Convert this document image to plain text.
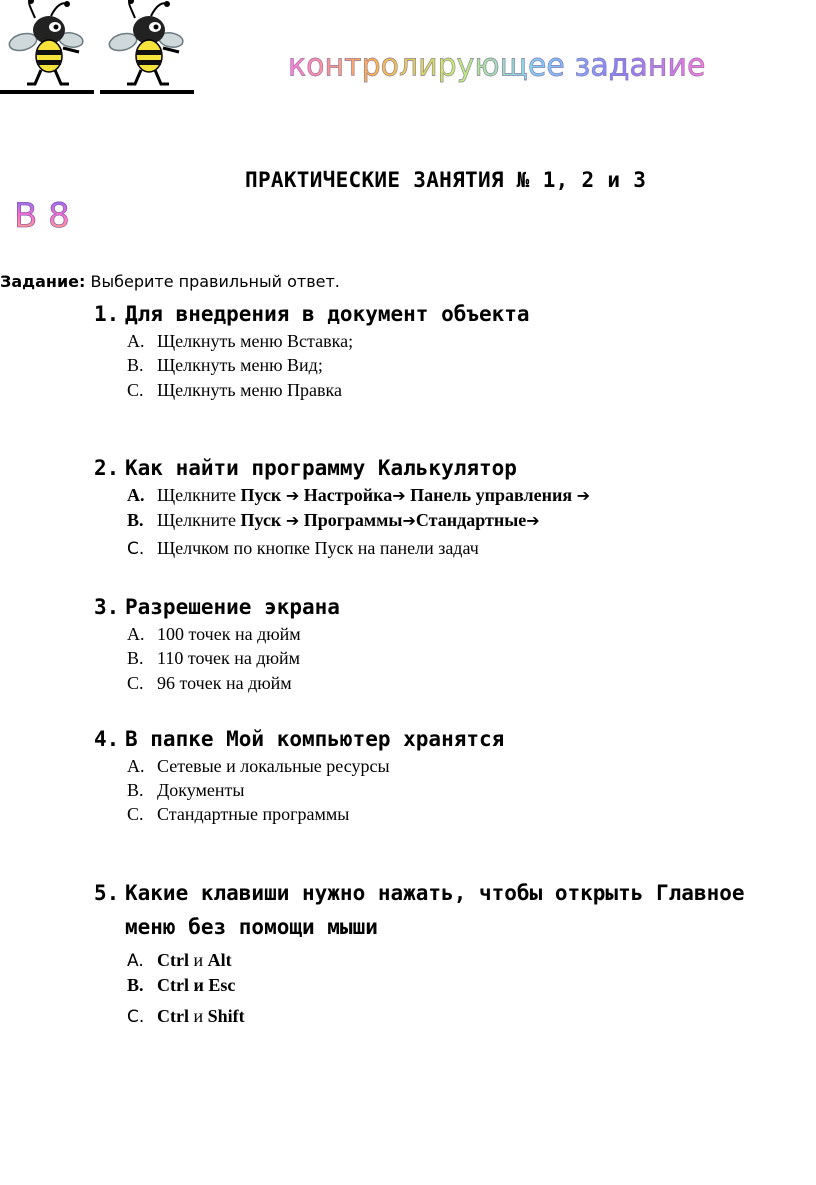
контролирующее задание
ПРАКТИЧЕСКИЕ ЗАНЯТИЯ № 1, 2 и 3
В 8
Задание: Выберите правильный ответ.
1. Для внедрения в документ объекта
A. Щелкнуть меню Вставка;
B. Щелкнуть меню Вид;
C. Щелкнуть меню Правка
2. Как найти программу Калькулятор
A. Щелкните Пуск ➔ Настройка➔ Панель управления ➔
B. Щелкните Пуск ➔ Программы➔Стандартные➔
C. Щелчком по кнопке Пуск на панели задач
3. Разрешение экрана
A. 100 точек на дюйм
B. 110 точек на дюйм
C. 96 точек на дюйм
4. В папке Мой компьютер хранятся
A. Сетевые и локальные ресурсы
B. Документы
C. Стандартные программы
5. Какие клавиши нужно нажать, чтобы открыть Главное
меню без помощи мыши
A. Ctrl и Alt
B. Ctrl и Esc
C. Ctrl и Shift
